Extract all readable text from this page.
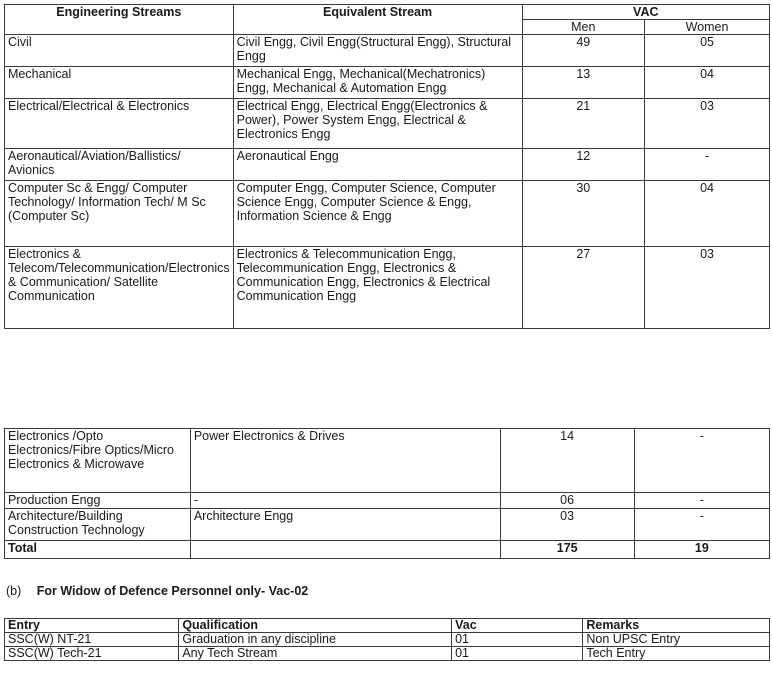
Engineering Streams	Equivalent Stream	VAC	
		Men	Women
Civil	Civil Engg, Civil Engg(Structural Engg), Structural Engg	49	05
Mechanical	Mechanical Engg, Mechanical(Mechatronics) Engg, Mechanical & Automation Engg	13	04
Electrical/Electrical & Electronics	Electrical Engg, Electrical Engg(Electronics & Power), Power System Engg, Electrical & Electronics Engg	21	03
Aeronautical/Aviation/Ballistics/ Avionics	Aeronautical Engg	12	-
Computer Sc & Engg/ Computer Technology/ Information Tech/ M Sc (Computer Sc)	Computer Engg, Computer Science, Computer Science Engg, Computer Science & Engg, Information Science & Engg	30	04
Electronics & Telecom/Telecommunication/Electronics & Communication/ Satellite Communication	Electronics & Telecommunication Engg, Telecommunication Engg, Electronics & Communication Engg, Electronics & Electrical Communication Engg	27	03
Electronics /Opto Electronics/Fibre Optics/Micro Electronics & Microwave	Power Electronics & Drives	14	-
Production Engg	-	06	-
Architecture/Building Construction Technology	Architecture Engg	03	-
Total		175	19
(b) For Widow of Defence Personnel only- Vac-02
Entry	Qualification	Vac	Remarks
SSC(W) NT-21	Graduation in any discipline	01	Non UPSC Entry
SSC(W) Tech-21	Any Tech Stream	01	Tech Entry
